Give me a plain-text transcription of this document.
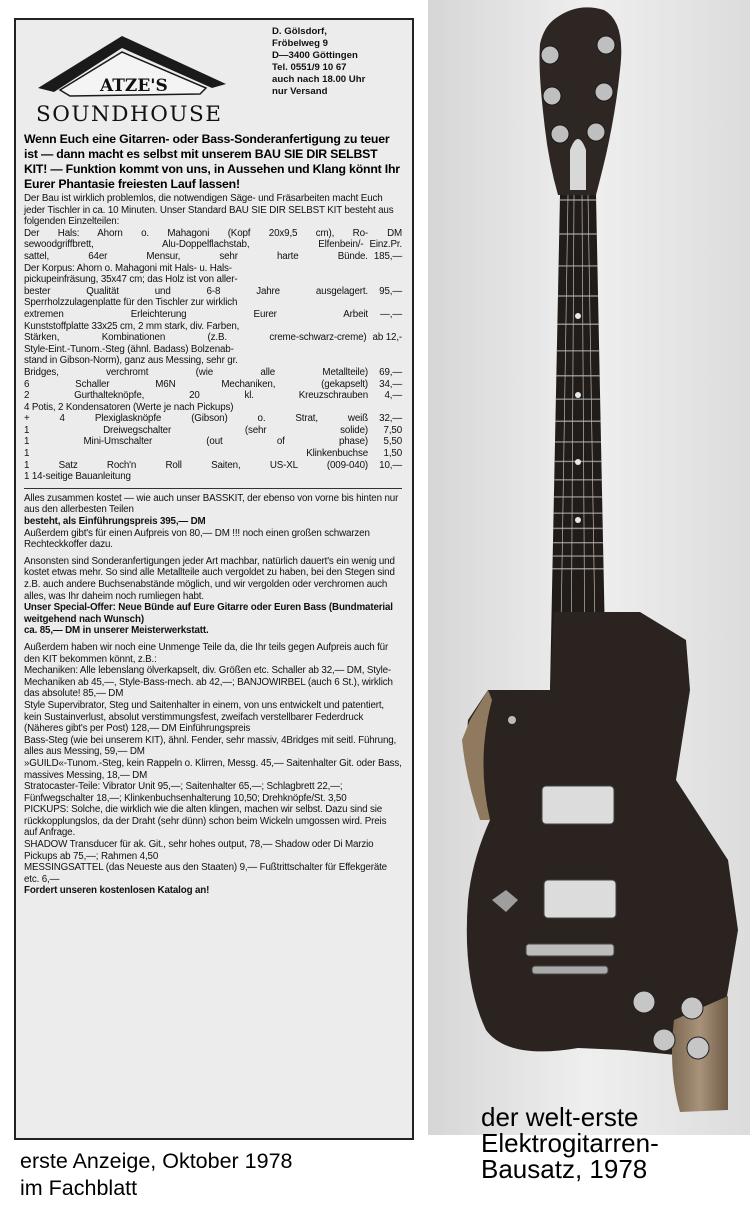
ATZE'S
SOUNDHOUSE
D. Gölsdorf,
Fröbelweg 9
D—3400 Göttingen
Tel. 0551/9 10 67
auch nach 18.00 Uhr
nur Versand
Wenn Euch eine Gitarren- oder Bass-Sonderanfertigung zu teuer ist — dann macht es selbst mit unserem BAU SIE DIR SELBST KIT! — Funktion kommt von uns, in Aussehen und Klang könnt Ihr Eurer Phantasie freiesten Lauf lassen!
Der Bau ist wirklich problemlos, die notwendigen Säge- und Fräsarbeiten macht Euch jeder Tischler in ca. 10 Minuten. Unser Standard BAU SIE DIR SELBST KIT besteht aus folgenden Einzelteilen:
Der Hals: Ahorn o. Mahagoni (Kopf 20x9,5 cm), Ro-	DM
sewoodgriffbrett, Alu-Doppelflachstab, Elfenbein/- Einz.Pr.
sattel, 64er Mensur, sehr harte Bünde. 185,—
Der Korpus: Ahorn o. Mahagoni mit Hals- u. Hals-
pickupeinfräsung, 35x47 cm; das Holz ist von aller-
bester Qualität und 6-8 Jahre ausgelagert.	95,—
Sperrholzzulagenplatte für den Tischler zur wirklich
extremen Erleichterung Eurer Arbeit	—,—
Kunststoffplatte 33x25 cm, 2 mm stark, div. Farben,
Stärken, Kombinationen (z.B. creme-schwarz-creme) ab 12,-
Style-Eint.-Tunom.-Steg (ähnl. Badass) Bolzenab-
stand in Gibson-Norm), ganz aus Messing, sehr gr.
Bridges, verchromt (wie alle Metallteile)	69,—
6 Schaller M6N Mechaniken, (gekapselt)	34,—
2 Gurthalteknöpfe, 20 kl. Kreuzschrauben	4,—
4 Potis, 2 Kondensatoren (Werte je nach Pickups)
+ 4 Plexiglasknöpfe (Gibson) o. Strat, weiß	32,—
1 Dreiwegschalter (sehr solide)	7,50
1 Mini-Umschalter (out of phase)	5,50
1 Klinkenbuchse	1,50
1 Satz Roch'n Roll Saiten, US-XL (009-040)	10,—
1 14-seitige Bauanleitung
Alles zusammen kostet — wie auch unser BASSKIT, der ebenso von vorne bis hinten nur aus den allerbesten Teilen
besteht, als Einführungspreis 395,— DM
Außerdem gibt's für einen Aufpreis von 80,— DM !!! noch einen großen schwarzen Rechteckkoffer dazu.
Ansonsten sind Sonderanfertigungen jeder Art machbar, natürlich dauert's ein wenig und kostet etwas mehr. So sind alle Metallteile auch vergoldet zu haben, bei den Stegen sind z.B. auch andere Buchsenabstände möglich, und wir vergolden oder verchromen auch alles, was Ihr daheim noch rumliegen habt.
Unser Special-Offer: Neue Bünde auf Eure Gitarre oder Euren Bass (Bundmaterial weitgehend nach Wunsch)
ca. 85,— DM in unserer Meisterwerkstatt.
Außerdem haben wir noch eine Unmenge Teile da, die Ihr teils gegen Aufpreis auch für den KIT bekommen könnt, z.B.:
Mechaniken: Alle lebenslang ölverkapselt, div. Größen etc. Schaller ab 32,— DM, Style-Mechaniken ab 45,—, Style-Bass-mech. ab 42,—; BANJOWIRBEL (auch 6 St.), wirklich das absolute! 85,— DM
Style Supervibrator, Steg und Saitenhalter in einem, von uns entwickelt und patentiert, kein Sustainverlust, absolut verstimmungsfest, zweifach verstellbarer Federdruck (Näheres gibt's per Post) 128,— DM Einführungspreis
Bass-Steg (wie bei unserem KIT), ähnl. Fender, sehr massiv, 4Bridges mit seitl. Führung, alles aus Messing, 59,— DM
»GUILD«-Tunom.-Steg, kein Rappeln o. Klirren, Messg. 45,— Saitenhalter Git. oder Bass, massives Messing, 18,— DM
Stratocaster-Teile: Vibrator Unit 95,—; Saitenhalter 65,—; Schlagbrett 22,—; Fünfwegschalter 18,—; Klinkenbuchsenhalterung 10,50; Drehknöpfe/St. 3,50
PICKUPS: Solche, die wirklich wie die alten klingen, machen wir selbst. Dazu sind sie rückkopplungslos, da der Draht (sehr dünn) schon beim Wickeln umgossen wird. Preis auf Anfrage.
SHADOW Transducer für ak. Git., sehr hohes output, 78,— Shadow oder Di Marzio Pickups ab 75,—; Rahmen 4,50
MESSINGSATTEL (das Neueste aus den Staaten) 9,— Fußtrittschalter für Effekgeräte etc. 6,—
Fordert unseren kostenlosen Katalog an!
erste Anzeige, Oktober 1978
im Fachblatt
der welt-erste
Elektrogitarren-
Bausatz, 1978
